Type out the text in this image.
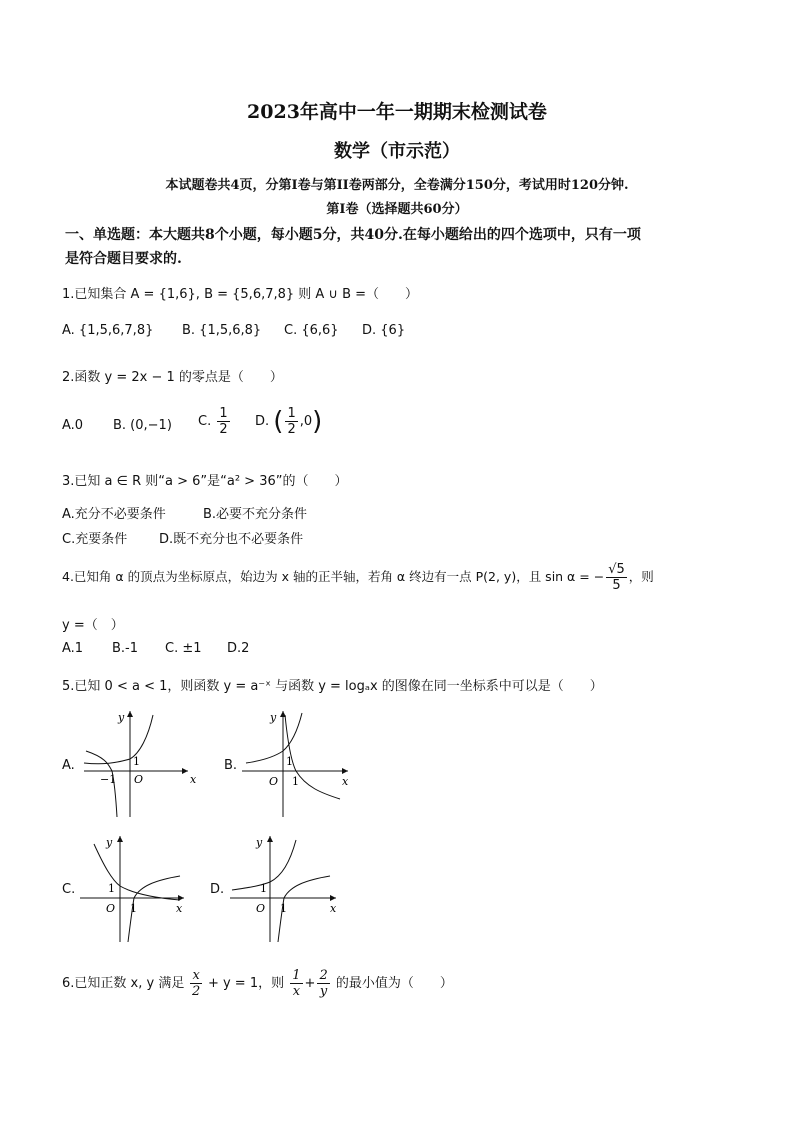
2023年高中一年一期期末检测试卷
数学（市示范）
本试题卷共4页，分第I卷与第II卷两部分，全卷满分150分，考试用时120分钟.
第I卷（选择题共60分）
一、单选题：本大题共8个小题，每小题5分，共40分.在每小题给出的四个选项中，只有一项
是符合题目要求的.
1.已知集合 A = {1,6}, B = {5,6,7,8} 则 A ∪ B =（　　）
A. {1,5,6,7,8} B. {1,5,6,8} C. {6,6} D. {6}
2.函数 y = 2x − 1 的零点是（　　）
A.0 B. (0,−1) C. $\frac{1}{2} D$. ( $\frac{1}{2} ,0$)
3.已知 a ∈ R 则“a > 6”是“a² > 36”的（　　）
A.充分不必要条件	B.必要不充分条件
C.充要条件 D.既不充分也不必要条件
4.已知角 α 的顶点为坐标原点，始边为 x 轴的正半轴，若角 α 终边有一点 P(2, y)，且 sin α = − $\frac{√5}{5}$ ，则
y =（　）
A.1 B.-1 C. ±1 D.2
5.已知 0 < a < 1，则函数 y = a⁻ˣ 与函数 y = logₐx 的图像在同一坐标系中可以是（　　）
A.
y
x
O
1
−1
B.
y
x
O
1
1
C.
y
x
O
1
1
D.
y
x
O
1
1
6.已知正数 x, y 满足 $\frac{x}{2} + y = 1$，则 $\frac{1}{x} + \frac{2}{y}$ 的最小值为（　　）
